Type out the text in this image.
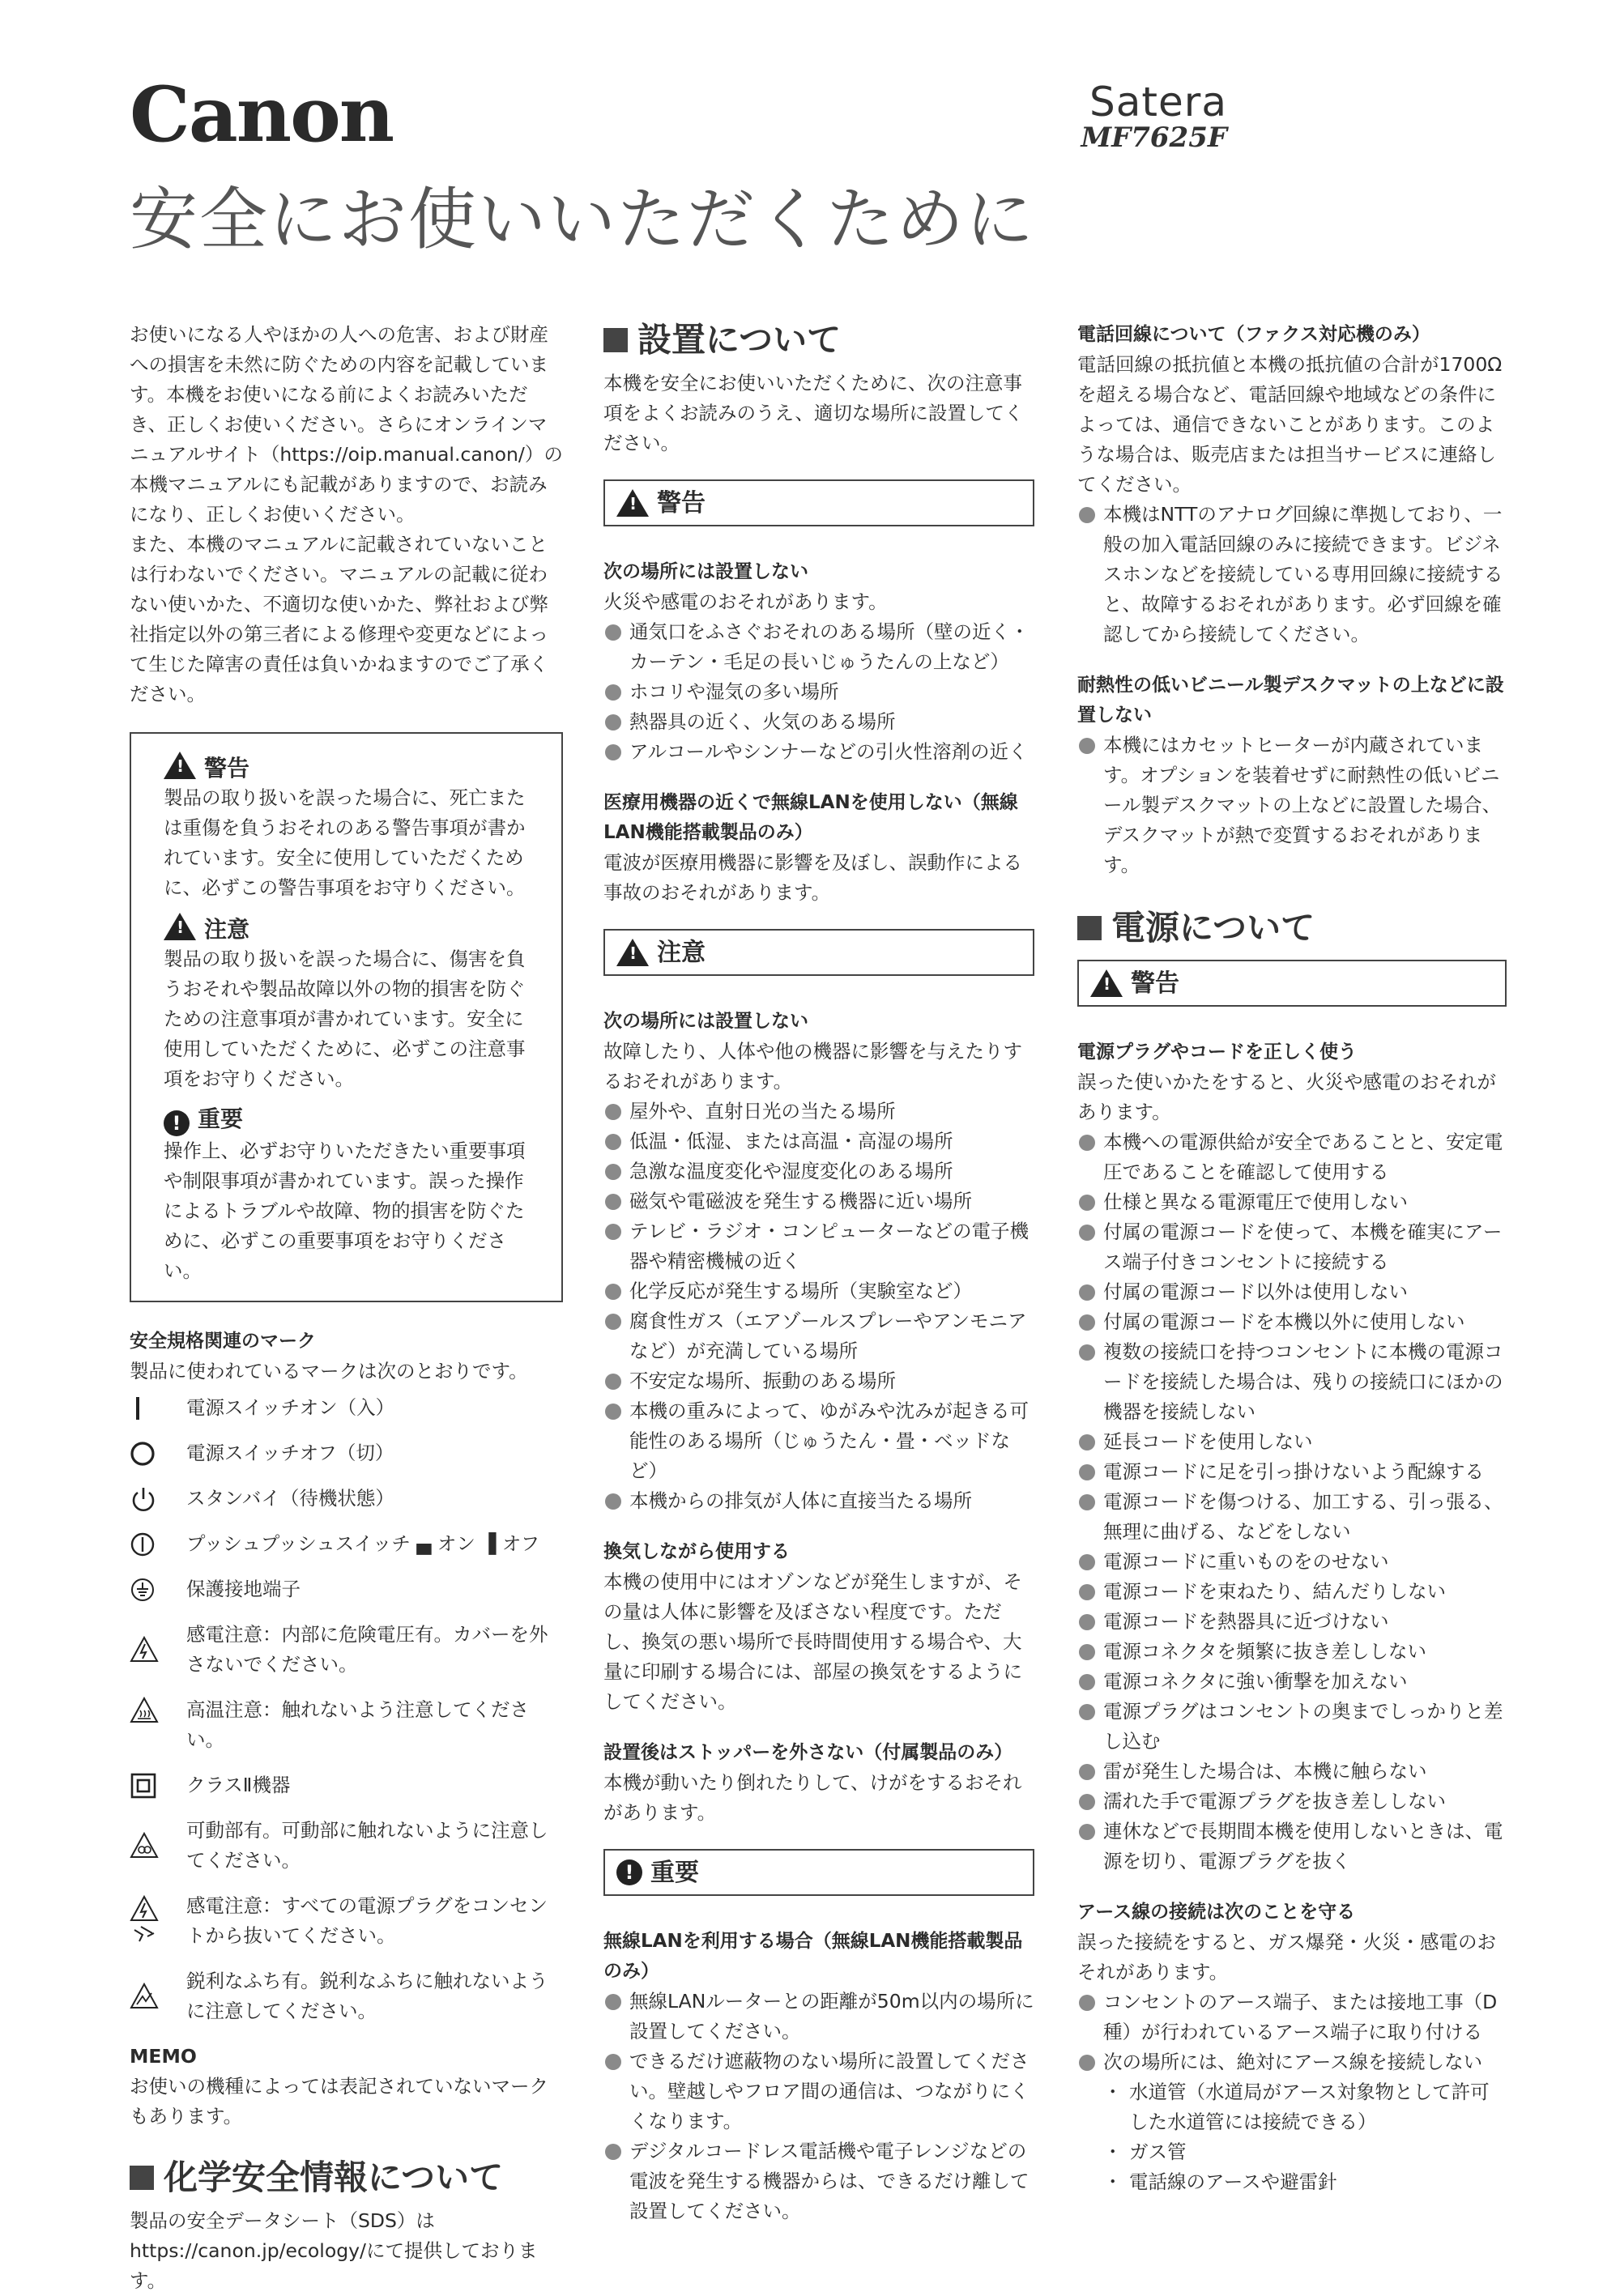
Canon	Satera
MF7625F
安全にお使いいただくために

お使いになる人やほかの人への危害、および財産への損害を未然に防ぐための内容を記載しています。本機をお使いになる前によくお読みいただき、正しくお使いください。さらにオンラインマニュアルサイト（https://oip.manual.canon/）の本機マニュアルにも記載がありますので、お読みになり、正しくお使いください。

また、本機のマニュアルに記載されていないことは行わないでください。マニュアルの記載に従わない使いかた、不適切な使いかた、弊社および弊社指定以外の第三者による修理や変更などによって生じた障害の責任は負いかねますのでご了承ください。

!警告

製品の取り扱いを誤った場合に、死亡または重傷を負うおそれのある警告事項が書かれています。安全に使用していただくために、必ずこの警告事項をお守りください。

!注意

製品の取り扱いを誤った場合に、傷害を負うおそれや製品故障以外の物的損害を防ぐための注意事項が書かれています。安全に使用していただくために、必ずこの注意事項をお守りください。

! 重要

操作上、必ずお守りいただきたい重要事項や制限事項が書かれています。誤った操作によるトラブルや故障、物的損害を防ぐために、必ずこの重要事項をお守りください。

安全規格関連のマーク

製品に使われているマークは次のとおりです。

電源スイッチオン（入）
電源スイッチオフ（切）
スタンバイ（待機状態）
プッシュプッシュスイッチ ▄ オン ▐ オフ
保護接地端子
感電注意：内部に危険電圧有。カバーを外さないでください。
高温注意：触れないよう注意してください。
クラスⅡ機器
可動部有。可動部に触れないように注意してください。
感電注意：すべての電源プラグをコンセントから抜いてください。
鋭利なふち有。鋭利なふちに触れないように注意してください。

MEMO

お使いの機種によっては表記されていないマークもあります。

化学安全情報について

製品の安全データシート（SDS）は

https://canon.jp/ecology/にて提供しております。

設置について

本機を安全にお使いいただくために、次の注意事項をよくお読みのうえ、適切な場所に設置してください。

!
警告

次の場所には設置しない

火災や感電のおそれがあります。

通気口をふさぐおそれのある場所（壁の近く・カーテン・毛足の長いじゅうたんの上など）
ホコリや湿気の多い場所
熱器具の近く、火気のある場所
アルコールやシンナーなどの引火性溶剤の近く

医療用機器の近くで無線LANを使用しない（無線LAN機能搭載製品のみ）

電波が医療用機器に影響を及ぼし、誤動作による事故のおそれがあります。

!
注意

次の場所には設置しない

故障したり、人体や他の機器に影響を与えたりするおそれがあります。

屋外や、直射日光の当たる場所
低温・低湿、または高温・高湿の場所
急激な温度変化や湿度変化のある場所
磁気や電磁波を発生する機器に近い場所
テレビ・ラジオ・コンピューターなどの電子機器や精密機械の近く
化学反応が発生する場所（実験室など）
腐食性ガス（エアゾールスプレーやアンモニアなど）が充満している場所
不安定な場所、振動のある場所
本機の重みによって、ゆがみや沈みが起きる可能性のある場所（じゅうたん・畳・ベッドなど）
本機からの排気が人体に直接当たる場所

換気しながら使用する

本機の使用中にはオゾンなどが発生しますが、その量は人体に影響を及ぼさない程度です。ただし、換気の悪い場所で長時間使用する場合や、大量に印刷する場合には、部屋の換気をするようにしてください。

設置後はストッパーを外さない（付属製品のみ）

本機が動いたり倒れたりして、けがをするおそれがあります。

! 重要

無線LANを利用する場合（無線LAN機能搭載製品のみ）

無線LANルーターとの距離が50m以内の場所に設置してください。
できるだけ遮蔽物のない場所に設置してください。壁越しやフロア間の通信は、つながりにくくなります。
デジタルコードレス電話機や電子レンジなどの電波を発生する機器からは、できるだけ離して設置してください。

電話回線について（ファクス対応機のみ）

電話回線の抵抗値と本機の抵抗値の合計が1700Ωを超える場合など、電話回線や地域などの条件によっては、通信できないことがあります。このような場合は、販売店または担当サービスに連絡してください。

本機はNTTのアナログ回線に準拠しており、一般の加入電話回線のみに接続できます。ビジネスホンなどを接続している専用回線に接続すると、故障するおそれがあります。必ず回線を確認してから接続してください。

耐熱性の低いビニール製デスクマットの上などに設置しない

本機にはカセットヒーターが内蔵されています。オプションを装着せずに耐熱性の低いビニール製デスクマットの上などに設置した場合、デスクマットが熱で変質するおそれがあります。
電源について
!
警告

電源プラグやコードを正しく使う

誤った使いかたをすると、火災や感電のおそれがあります。

本機への電源供給が安全であることと、安定電圧であることを確認して使用する
仕様と異なる電源電圧で使用しない
付属の電源コードを使って、本機を確実にアース端子付きコンセントに接続する
付属の電源コード以外は使用しない
付属の電源コードを本機以外に使用しない
複数の接続口を持つコンセントに本機の電源コードを接続した場合は、残りの接続口にほかの機器を接続しない
延長コードを使用しない
電源コードに足を引っ掛けないよう配線する
電源コードを傷つける、加工する、引っ張る、無理に曲げる、などをしない
電源コードに重いものをのせない
電源コードを束ねたり、結んだりしない
電源コードを熱器具に近づけない
電源コネクタを頻繁に抜き差ししない
電源コネクタに強い衝撃を加えない
電源プラグはコンセントの奥までしっかりと差し込む
雷が発生した場合は、本機に触らない
濡れた手で電源プラグを抜き差ししない
連休などで長期間本機を使用しないときは、電源を切り、電源プラグを抜く

アース線の接続は次のことを守る

誤った接続をすると、ガス爆発・火災・感電のおそれがあります。

コンセントのアース端子、または接地工事（D種）が行われているアース端子に取り付ける
次の場所には、絶対にアース線を接続しない
・ 水道管（水道局がアース対象物として許可した水道管には接続できる）
・ ガス管
・ 電話線のアースや避雷針
